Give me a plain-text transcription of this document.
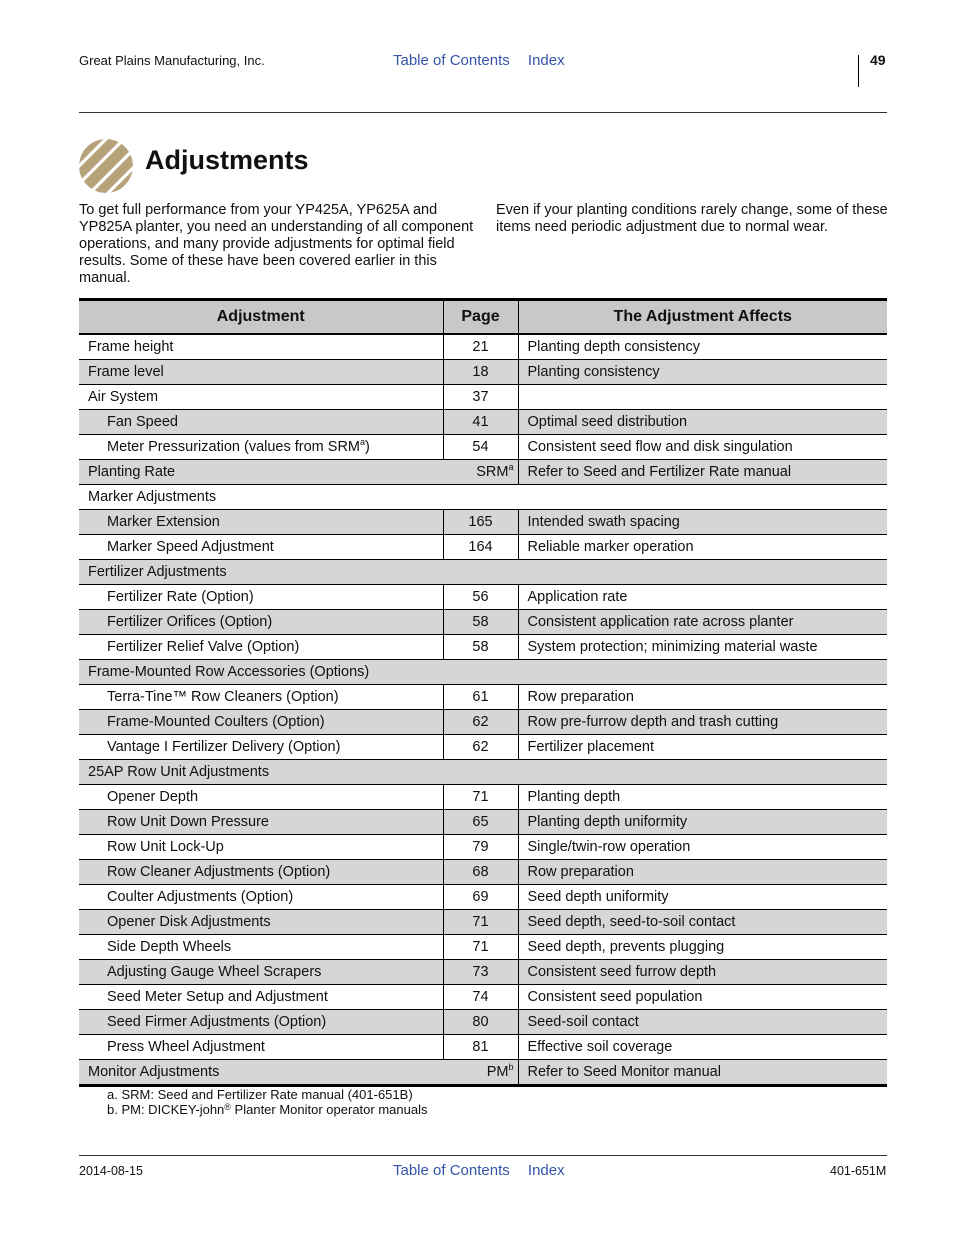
Great Plains Manufacturing, Inc.	Table of Contents Index	49
Adjustments

To get full performance from your YP425A, YP625A and YP825A planter, you need an understanding of all component operations, and many provide adjustments for optimal field results. Some of these have been covered earlier in this manual.

Even if your planting conditions rarely change, some of these items need periodic adjustment due to normal wear.

Adjustment	Page	The Adjustment Affects
Frame height	21	Planting depth consistency
Frame level	18	Planting consistency
Air System	37	
Fan Speed	41	Optimal seed distribution
Meter Pressurization (values from SRM$^a$)	54	Consistent seed flow and disk singulation
Planting Rate	SRM$^a$	Refer to Seed and Fertilizer Rate manual
Marker Adjustments		
Marker Extension	165	Intended swath spacing
Marker Speed Adjustment	164	Reliable marker operation
Fertilizer Adjustments		
Fertilizer Rate (Option)	56	Application rate
Fertilizer Orifices (Option)	58	Consistent application rate across planter
Fertilizer Relief Valve (Option)	58	System protection; minimizing material waste
Frame-Mounted Row Accessories (Options)		
Terra-Tine™ Row Cleaners (Option)	61	Row preparation
Frame-Mounted Coulters (Option)	62	Row pre-furrow depth and trash cutting
Vantage I Fertilizer Delivery (Option)	62	Fertilizer placement
25AP Row Unit Adjustments		
Opener Depth	71	Planting depth
Row Unit Down Pressure	65	Planting depth uniformity
Row Unit Lock-Up	79	Single/twin-row operation
Row Cleaner Adjustments (Option)	68	Row preparation
Coulter Adjustments (Option)	69	Seed depth uniformity
Opener Disk Adjustments	71	Seed depth, seed-to-soil contact
Side Depth Wheels	71	Seed depth, prevents plugging
Adjusting Gauge Wheel Scrapers	73	Consistent seed furrow depth
Seed Meter Setup and Adjustment	74	Consistent seed population
Seed Firmer Adjustments (Option)	80	Seed-soil contact
Press Wheel Adjustment	81	Effective soil coverage
Monitor Adjustments	$PM^b$	Refer to Seed Monitor manual
a. SRM: Seed and Fertilizer Rate manual (401-651B)
b. PM: DICKEY-john® Planter Monitor operator manuals
2014-08-15	Table of Contents Index	401-651M
